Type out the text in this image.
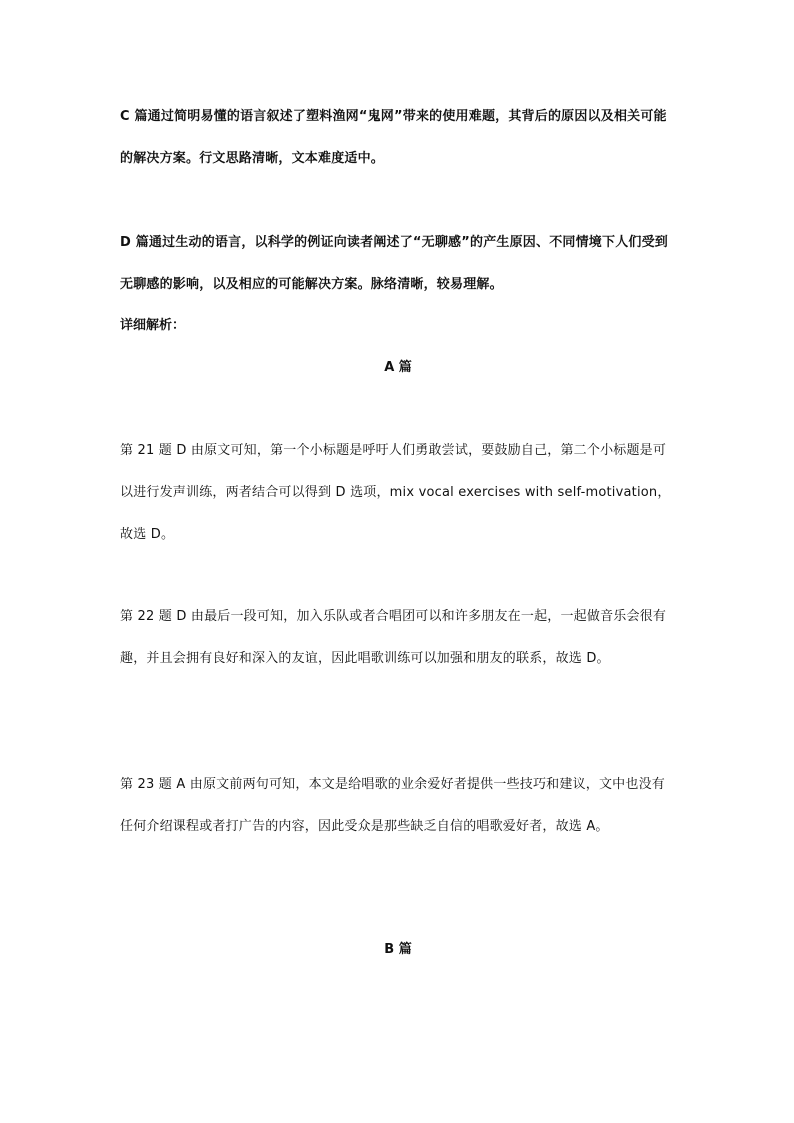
C 篇通过简明易懂的语言叙述了塑料渔网“鬼网”带来的使用难题，其背后的原因以及相关可能的解决方案。行文思路清晰，文本难度适中。

D 篇通过生动的语言，以科学的例证向读者阐述了“无聊感”的产生原因、不同情境下人们受到无聊感的影响，以及相应的可能解决方案。脉络清晰，较易理解。

详细解析：

A 篇

第 21 题 D 由原文可知，第一个小标题是呼吁人们勇敢尝试，要鼓励自己，第二个小标题是可以进行发声训练，两者结合可以得到 D 选项，mix vocal exercises with self-motivation，故选 D。

第 22 题 D 由最后一段可知，加入乐队或者合唱团可以和许多朋友在一起，一起做音乐会很有趣，并且会拥有良好和深入的友谊，因此唱歌训练可以加强和朋友的联系，故选 D。

第 23 题 A 由原文前两句可知，本文是给唱歌的业余爱好者提供一些技巧和建议，文中也没有任何介绍课程或者打广告的内容，因此受众是那些缺乏自信的唱歌爱好者，故选 A。

B 篇
